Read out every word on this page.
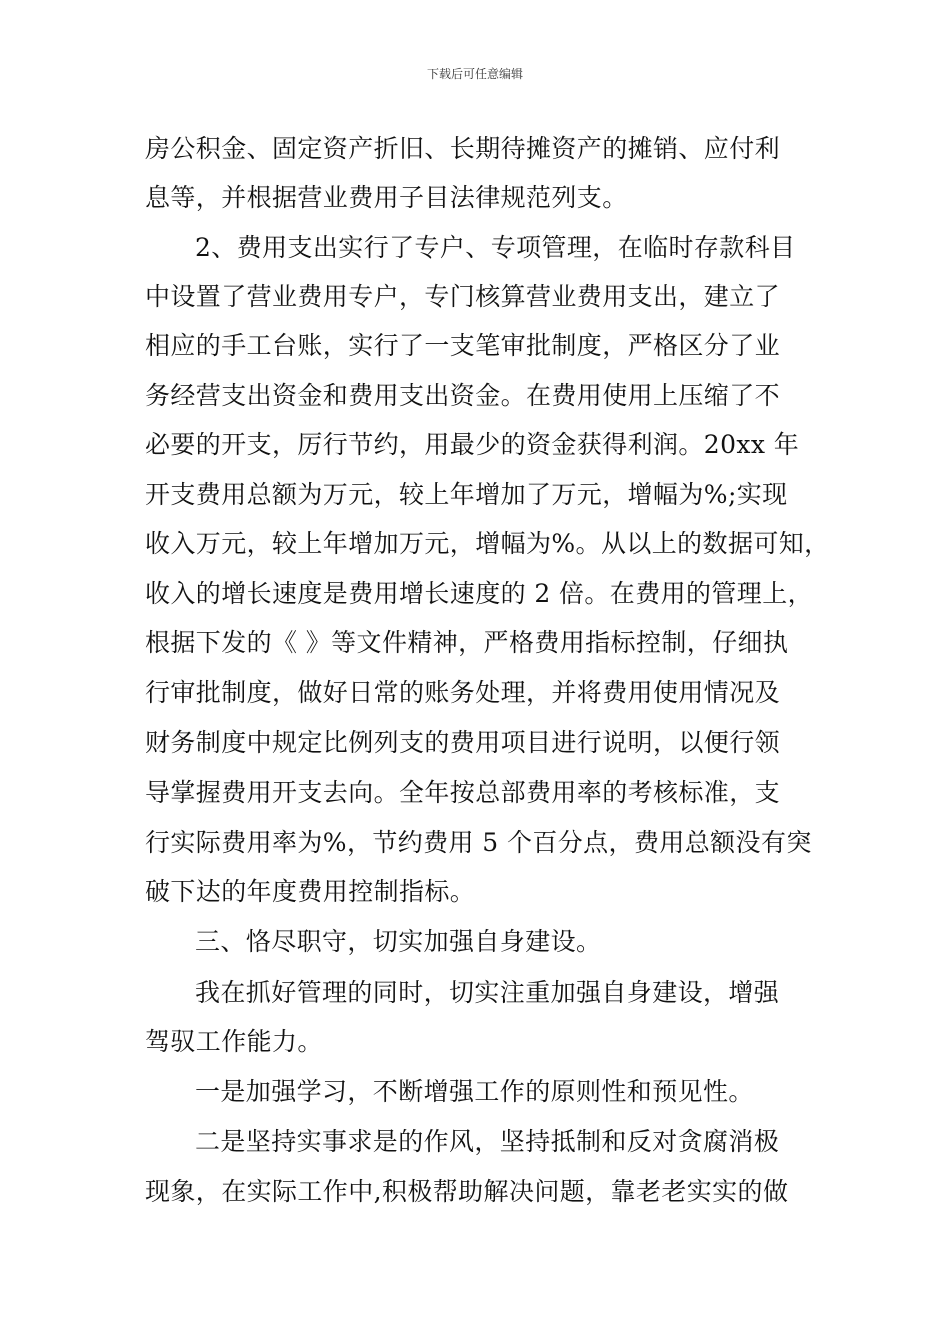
下载后可任意编辑
房公积金、固定资产折旧、长期待摊资产的摊销、应付利
息等，并根据营业费用子目法律规范列支。
2、费用支出实行了专户、专项管理，在临时存款科目
中设置了营业费用专户，专门核算营业费用支出，建立了
相应的手工台账，实行了一支笔审批制度，严格区分了业
务经营支出资金和费用支出资金。在费用使用上压缩了不
必要的开支，厉行节约，用最少的资金获得利润。20xx 年
开支费用总额为万元，较上年增加了万元，增幅为%;实现
收入万元，较上年增加万元，增幅为%。从以上的数据可知，
收入的增长速度是费用增长速度的 2 倍。在费用的管理上，
根据下发的《 》等文件精神，严格费用指标控制，仔细执
行审批制度，做好日常的账务处理，并将费用使用情况及
财务制度中规定比例列支的费用项目进行说明，以便行领
导掌握费用开支去向。全年按总部费用率的考核标准，支
行实际费用率为%，节约费用 5 个百分点，费用总额没有突
破下达的年度费用控制指标。
三、恪尽职守，切实加强自身建设。
我在抓好管理的同时，切实注重加强自身建设，增强
驾驭工作能力。
一是加强学习，不断增强工作的原则性和预见性。
二是坚持实事求是的作风，坚持抵制和反对贪腐消极
现象，在实际工作中,积极帮助解决问题，靠老老实实的做
